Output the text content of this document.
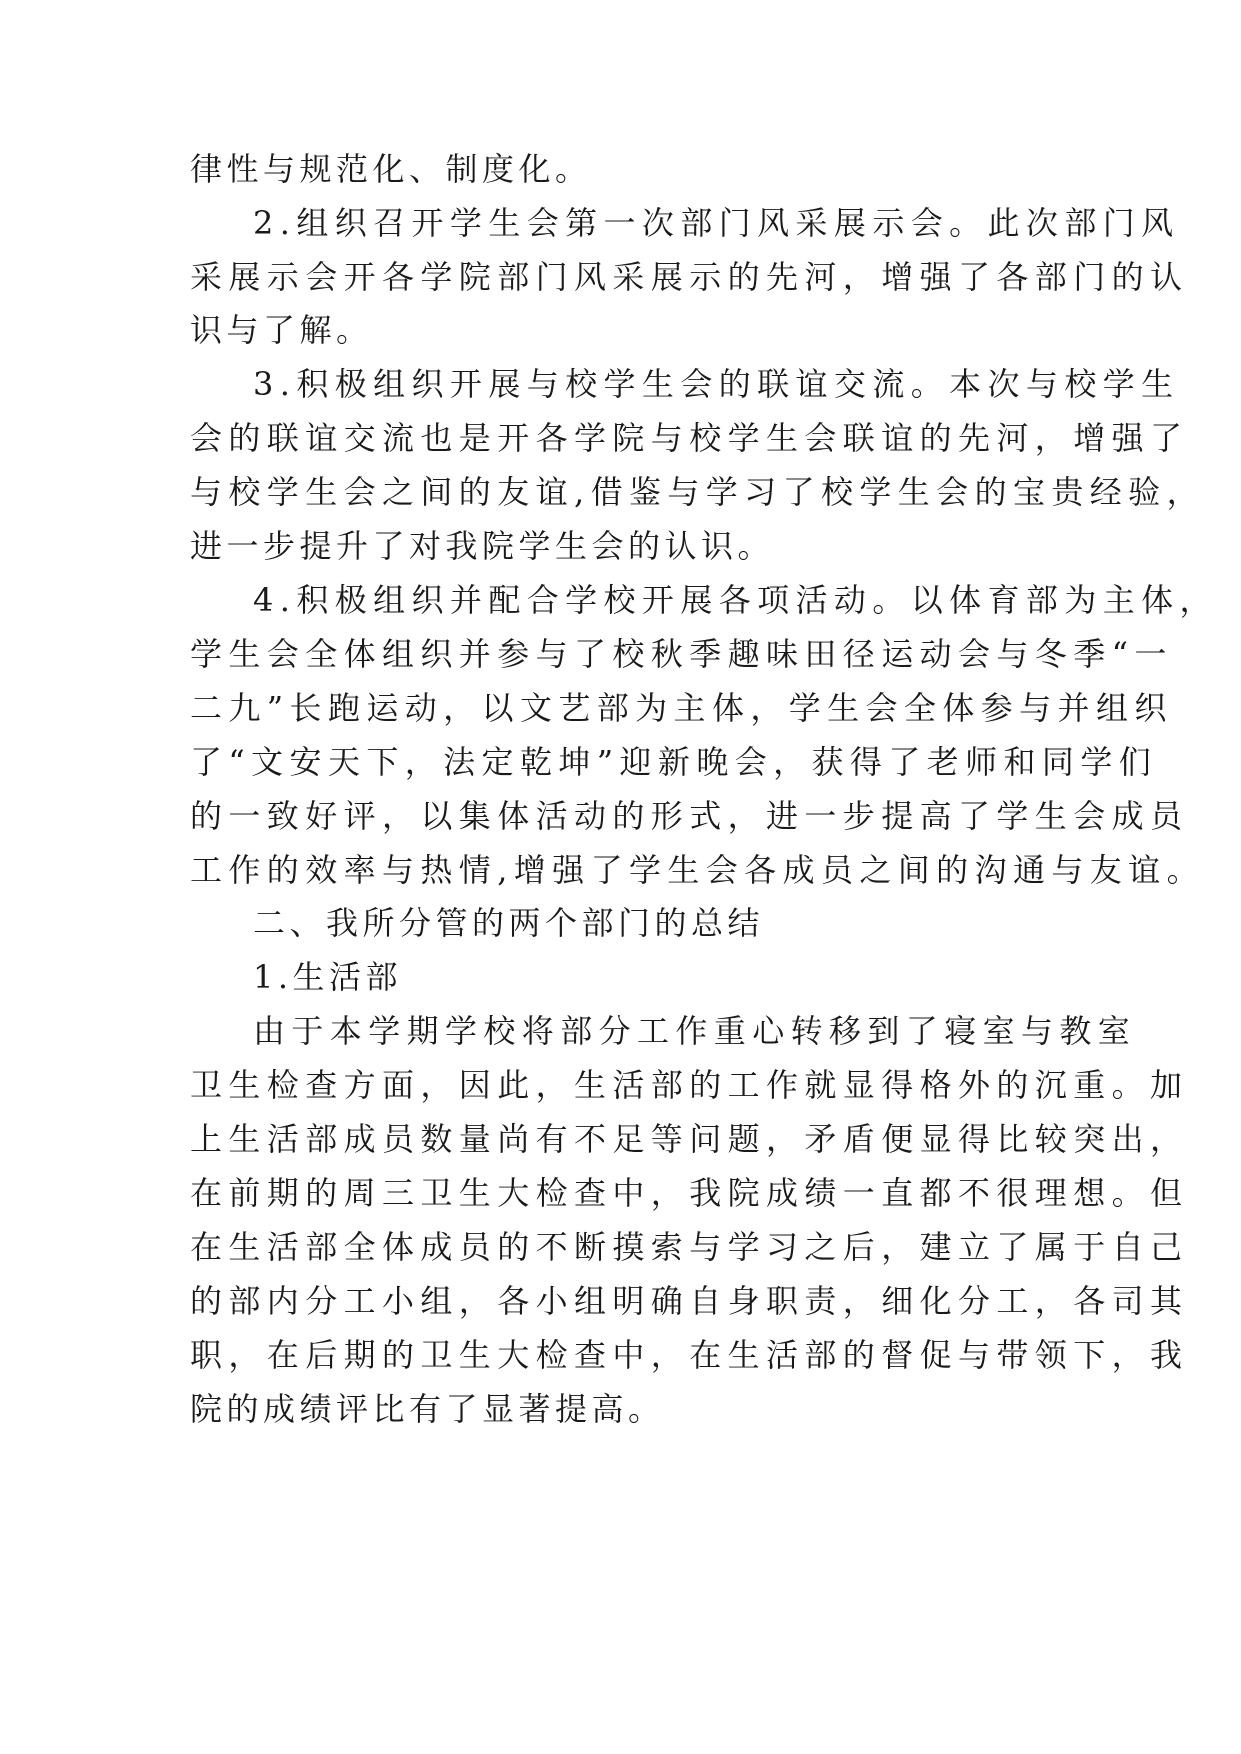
律性与规范化、制度化。

2.组织召开学生会第一次部门风采展示会。此次部门风

采展示会开各学院部门风采展示的先河，增强了各部门的认

识与了解。

3.积极组织开展与校学生会的联谊交流。本次与校学生

会的联谊交流也是开各学院与校学生会联谊的先河，增强了

与校学生会之间的友谊,借鉴与学习了校学生会的宝贵经验，

进一步提升了对我院学生会的认识。

4.积极组织并配合学校开展各项活动。以体育部为主体，

学生会全体组织并参与了校秋季趣味田径运动会与冬季“一

二九”长跑运动，以文艺部为主体，学生会全体参与并组织

了“文安天下，法定乾坤”迎新晚会，获得了老师和同学们

的一致好评，以集体活动的形式，进一步提高了学生会成员

工作的效率与热情,增强了学生会各成员之间的沟通与友谊。

二、我所分管的两个部门的总结

1.生活部

由于本学期学校将部分工作重心转移到了寝室与教室

卫生检查方面，因此，生活部的工作就显得格外的沉重。加

上生活部成员数量尚有不足等问题，矛盾便显得比较突出，

在前期的周三卫生大检查中，我院成绩一直都不很理想。但

在生活部全体成员的不断摸索与学习之后，建立了属于自己

的部内分工小组，各小组明确自身职责，细化分工，各司其

职，在后期的卫生大检查中，在生活部的督促与带领下，我

院的成绩评比有了显著提高。
